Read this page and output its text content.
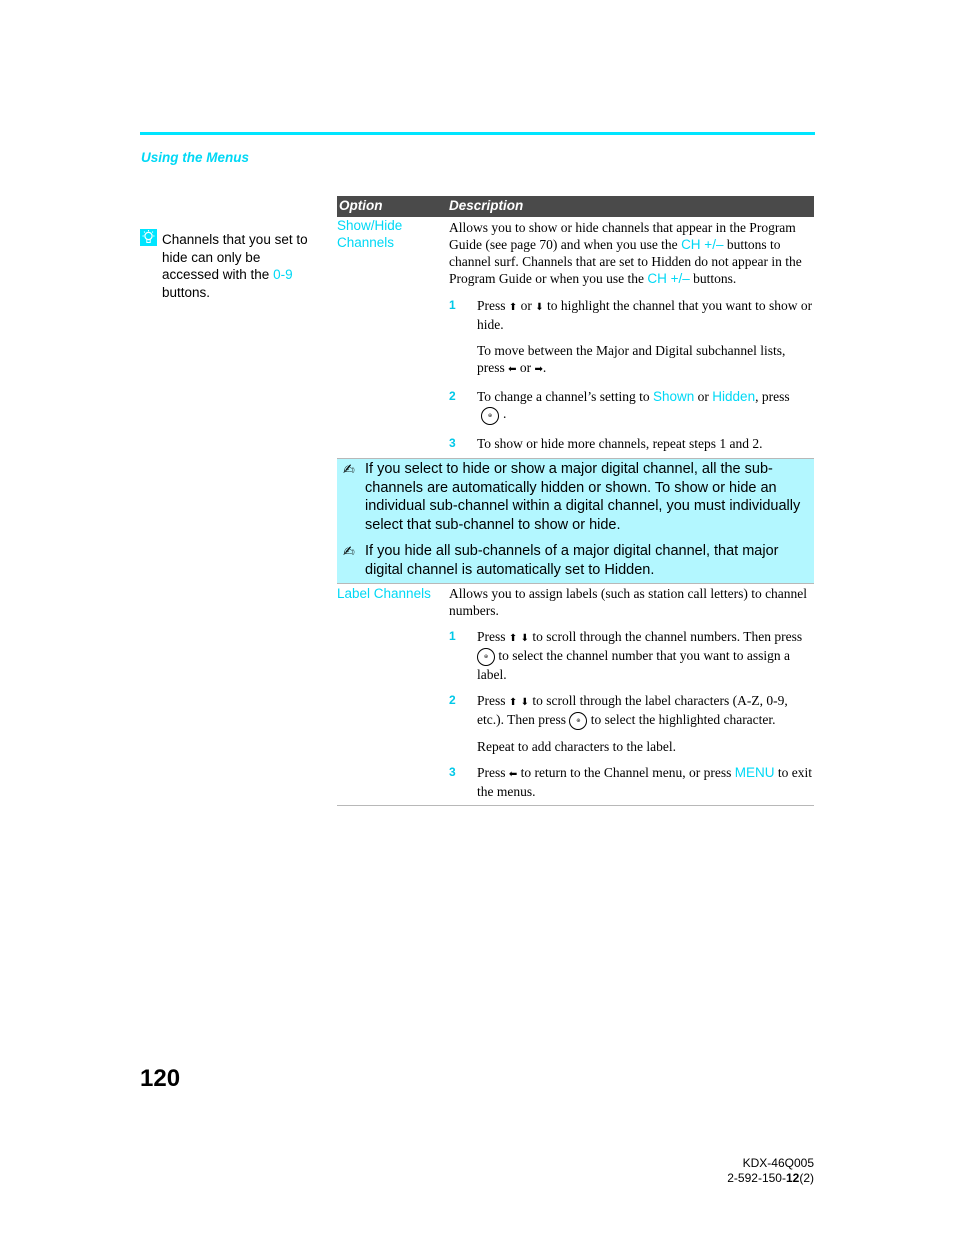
Using the Menus
Channels that you set to hide can only be accessed with the 0-9 buttons.
Option	Description
Show/Hide Channels

Allows you to show or hide channels that appear in the Program Guide (see page 70) and when you use the CH +/– buttons to channel surf. Channels that are set to Hidden do not appear in the Program Guide or when you use the CH +/– buttons.

1 Press ⬆ or ⬇ to highlight the channel that you want to show or hide.

To move between the Major and Digital subchannel lists, press ⬅ or ➡.

2 To change a channel’s setting to Shown or Hidden, press
⊕ .

3 To show or hide more channels, repeat steps 1 and 2.

✍ If you select to hide or show a major digital channel, all the sub-channels are automatically hidden or shown. To show or hide an individual sub-channel within a digital channel, you must individually select that sub-channel to show or hide.
✍ If you hide all sub-channels of a major digital channel, that major digital channel is automatically set to Hidden.
Label Channels	Allows you to assign labels (such as station call letters) to channel numbers.

1 Press ⬆ ⬇ to scroll through the channel numbers. Then press ⊕ to select the channel number that you want to assign a label.

2 Press ⬆ ⬇ to scroll through the label characters (A-Z, 0-9, etc.). Then press ⊕ to select the highlighted character.

Repeat to add characters to the label.

3 Press ⬅ to return to the Channel menu, or press MENU to exit the menus.

120
KDX-46Q005
2-592-150-12(2)
